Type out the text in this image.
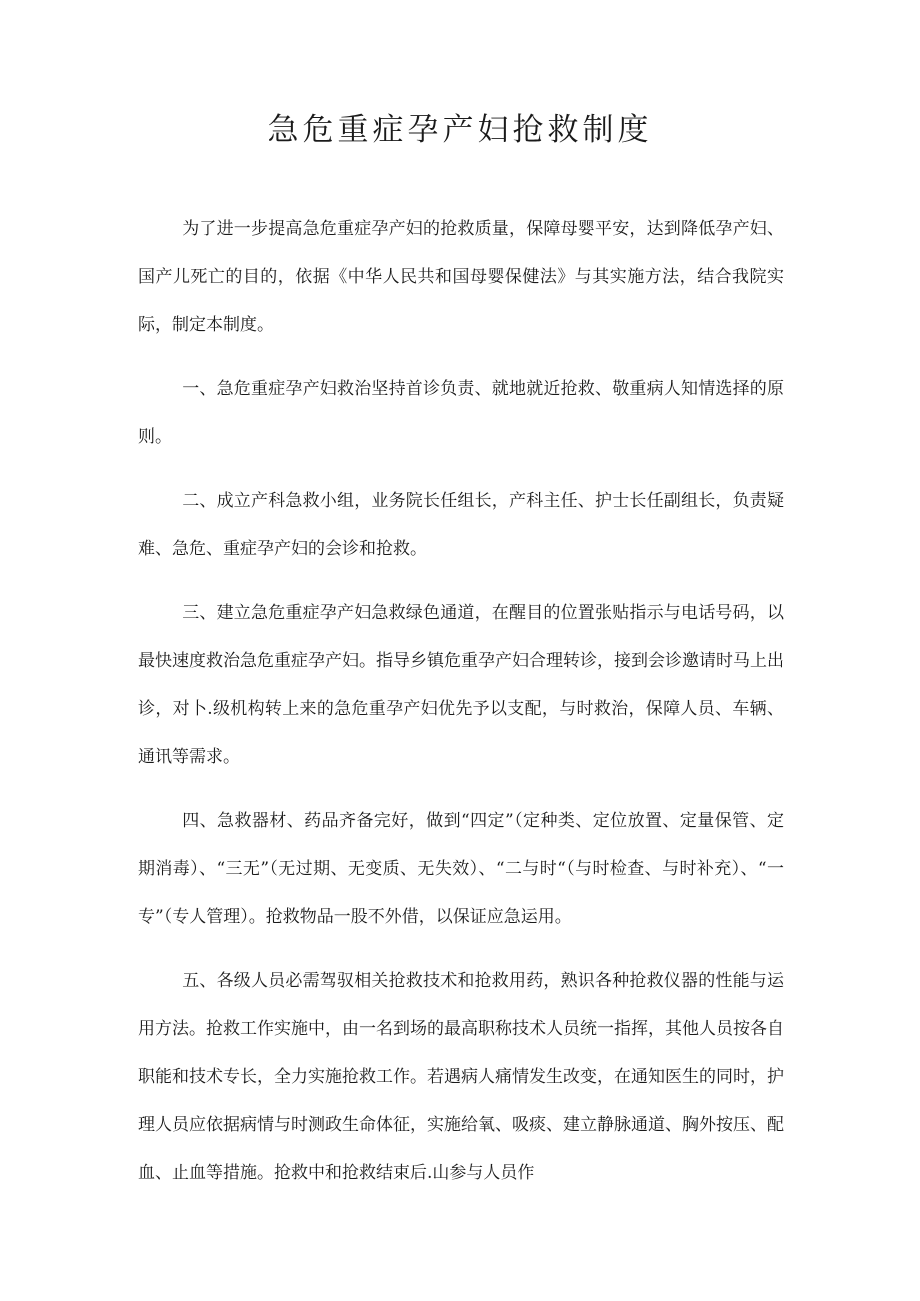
急危重症孕产妇抢救制度

为了进一步提高急危重症孕产妇的抢救质量，保障母婴平安，达到降低孕产妇、国产儿死亡的目的，依据《中华人民共和国母婴保健法》与其实施方法，结合我院实际，制定本制度。

一、急危重症孕产妇救治坚持首诊负责、就地就近抢救、敬重病人知情选择的原则。

二、成立产科急救小组，业务院长任组长，产科主任、护士长任副组长，负责疑难、急危、重症孕产妇的会诊和抢救。

三、建立急危重症孕产妇急救绿色通道，在醒目的位置张贴指示与电话号码，以最快速度救治急危重症孕产妇。指导乡镇危重孕产妇合理转诊，接到会诊邀请时马上出诊，对卜.级机构转上来的急危重孕产妇优先予以支配，与时救治，保障人员、车辆、通讯等需求。

四、急救器材、药品齐备完好，做到“四定”（定种类、定位放置、定量保管、定期消毒）、“三无”（无过期、无变质、无失效）、“二与时“（与时检查、与时补充）、“一专”（专人管理）。抢救物品一股不外借，以保证应急运用。

五、各级人员必需驾驭相关抢救技术和抢救用药，熟识各种抢救仪器的性能与运用方法。抢救工作实施中，由一名到场的最高职称技术人员统一指挥，其他人员按各自职能和技术专长，全力实施抢救工作。若遇病人痛情发生改变，在通知医生的同时，护理人员应依据病情与时测政生命体征，实施给氧、吸痰、建立静脉通道、胸外按压、配血、止血等措施。抢救中和抢救结束后.山参与人员作
